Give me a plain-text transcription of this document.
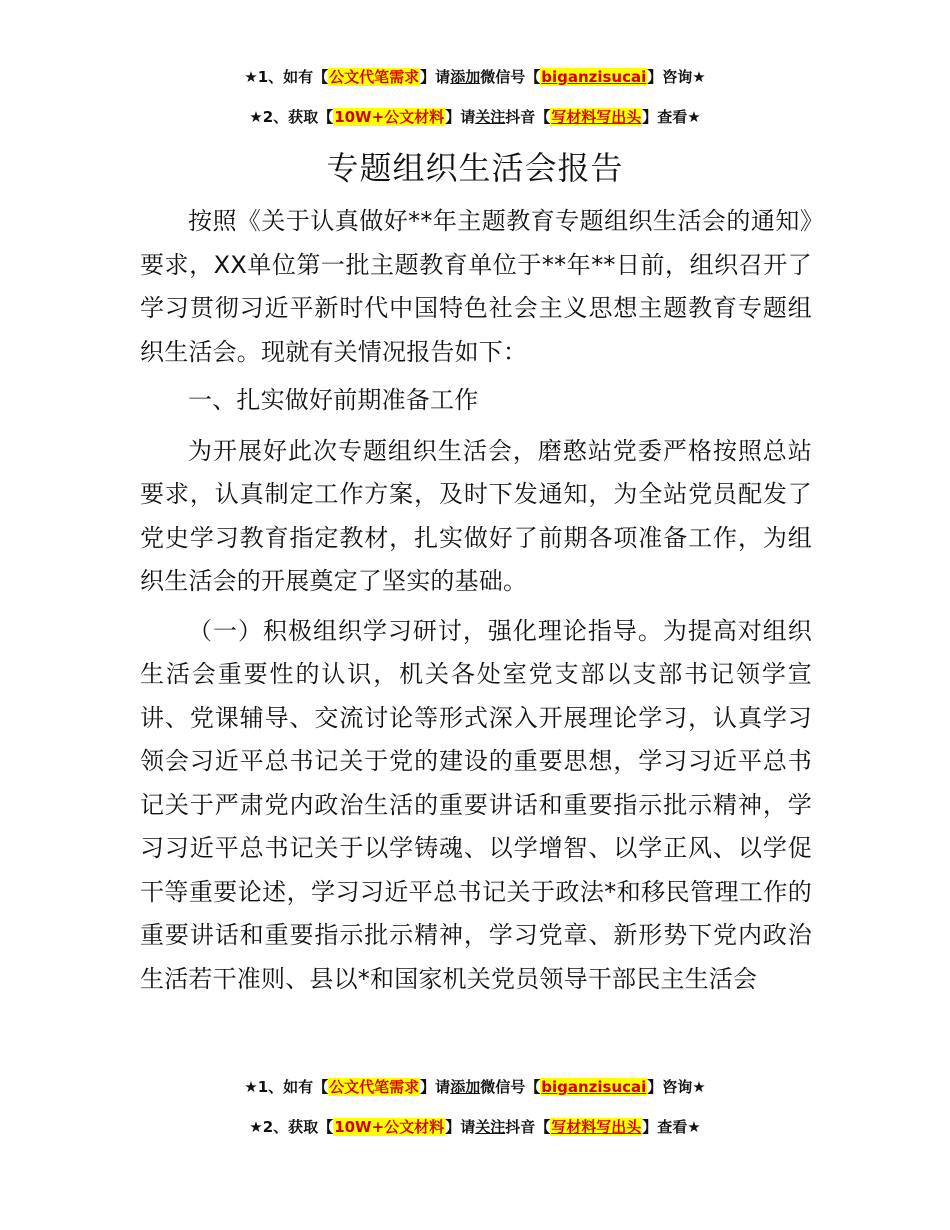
★1、如有【公文代笔需求】请添加微信号【biganzisucai】咨询★
★2、获取【10W+公文材料】请关注抖音【写材料写出头】查看★
专题组织生活会报告

按照《关于认真做好**年主题教育专题组织生活会的通知》要求，XX单位第一批主题教育单位于**年**日前，组织召开了学习贯彻习近平新时代中国特色社会主义思想主题教育专题组织生活会。现就有关情况报告如下：

一、扎实做好前期准备工作

为开展好此次专题组织生活会，磨憨站党委严格按照总站要求，认真制定工作方案，及时下发通知，为全站党员配发了党史学习教育指定教材，扎实做好了前期各项准备工作，为组织生活会的开展奠定了坚实的基础。

（一）积极组织学习研讨，强化理论指导。为提高对组织生活会重要性的认识，机关各处室党支部以支部书记领学宣讲、党课辅导、交流讨论等形式深入开展理论学习，认真学习领会习近平总书记关于党的建设的重要思想，学习习近平总书记关于严肃党内政治生活的重要讲话和重要指示批示精神，学习习近平总书记关于以学铸魂、以学增智、以学正风、以学促干等重要论述，学习习近平总书记关于政法*和移民管理工作的重要讲话和重要指示批示精神，学习党章、新形势下党内政治生活若干准则、县以*和国家机关党员领导干部民主生活会

★1、如有【公文代笔需求】请添加微信号【biganzisucai】咨询★
★2、获取【10W+公文材料】请关注抖音【写材料写出头】查看★
